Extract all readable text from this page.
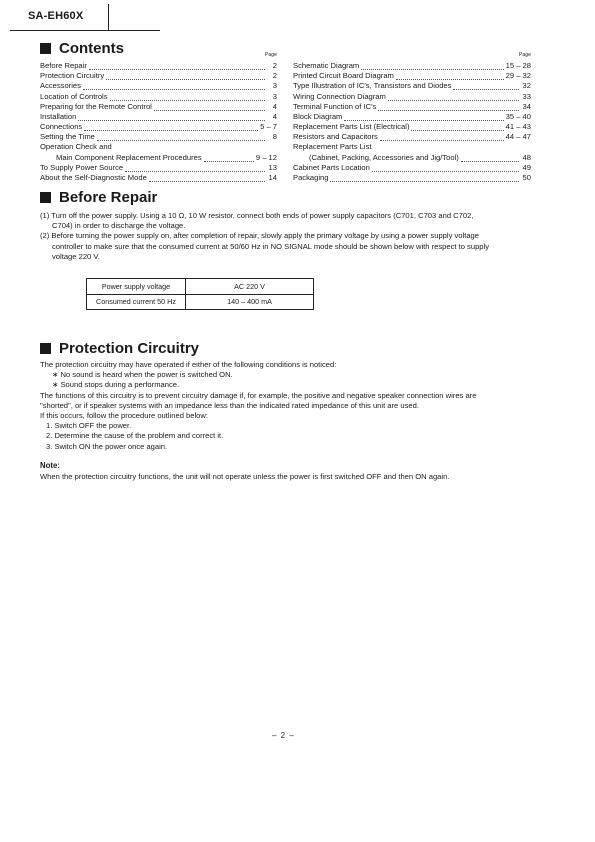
SA-EH60X
Contents	Page
Before Repair	2
Protection Circuitry	2
Accessories	3
Location of Controls	3
Preparing for the Remote Control	4
Installation	4
Connections	5 – 7
Setting the Time	8
Operation Check and
Main Component Replacement Procedures	9 – 12
To Supply Power Source	13
About the Self-Diagnostic Mode	14
Page
Schematic Diagram	15 – 28
Printed Circuit Board Diagram	29 – 32
Type Illustration of IC's, Transistors and Diodes	32
Wiring Connection Diagram	33
Terminal Function of IC's	34
Block Diagram	35 – 40
Replacement Parts List (Electrical)	41 – 43
Resistors and Capacitors	44 – 47
Replacement Parts List
(Cabinet, Packing, Accessories and Jig/Tool)	48
Cabinet Parts Location	49
Packaging	50
Before Repair
(1) Turn off the power supply. Using a 10 Ω, 10 W resistor, connect both ends of power supply capacitors (C701, C703 and C702,
C704) in order to discharge the voltage.
(2) Before turning the power supply on, after completion of repair, slowly apply the primary voltage by using a power supply voltage
controller to make sure that the consumed current at 50/60 Hz in NO SIGNAL mode should be shown below with respect to supply
voltage 220 V.
Power supply voltage	AC 220 V
Consumed current 50 Hz	140 – 400 mA
Protection Circuitry
The protection circuitry may have operated if either of the following conditions is noticed:
∗ No sound is heard when the power is switched ON.
∗ Sound stops during a performance.
The functions of this circuitry is to prevent circuitry damage if, for example, the positive and negative speaker connection wires are
"shorted", or if speaker systems with an impedance less than the indicated rated impedance of this unit are used.
If this occurs, follow the procedure outlined below:
1. Switch OFF the power.
2. Determine the cause of the problem and correct it.
3. Switch ON the power once again.
Note:
When the protection circuitry functions, the unit will not operate unless the power is first switched OFF and then ON again.
– 2 –
